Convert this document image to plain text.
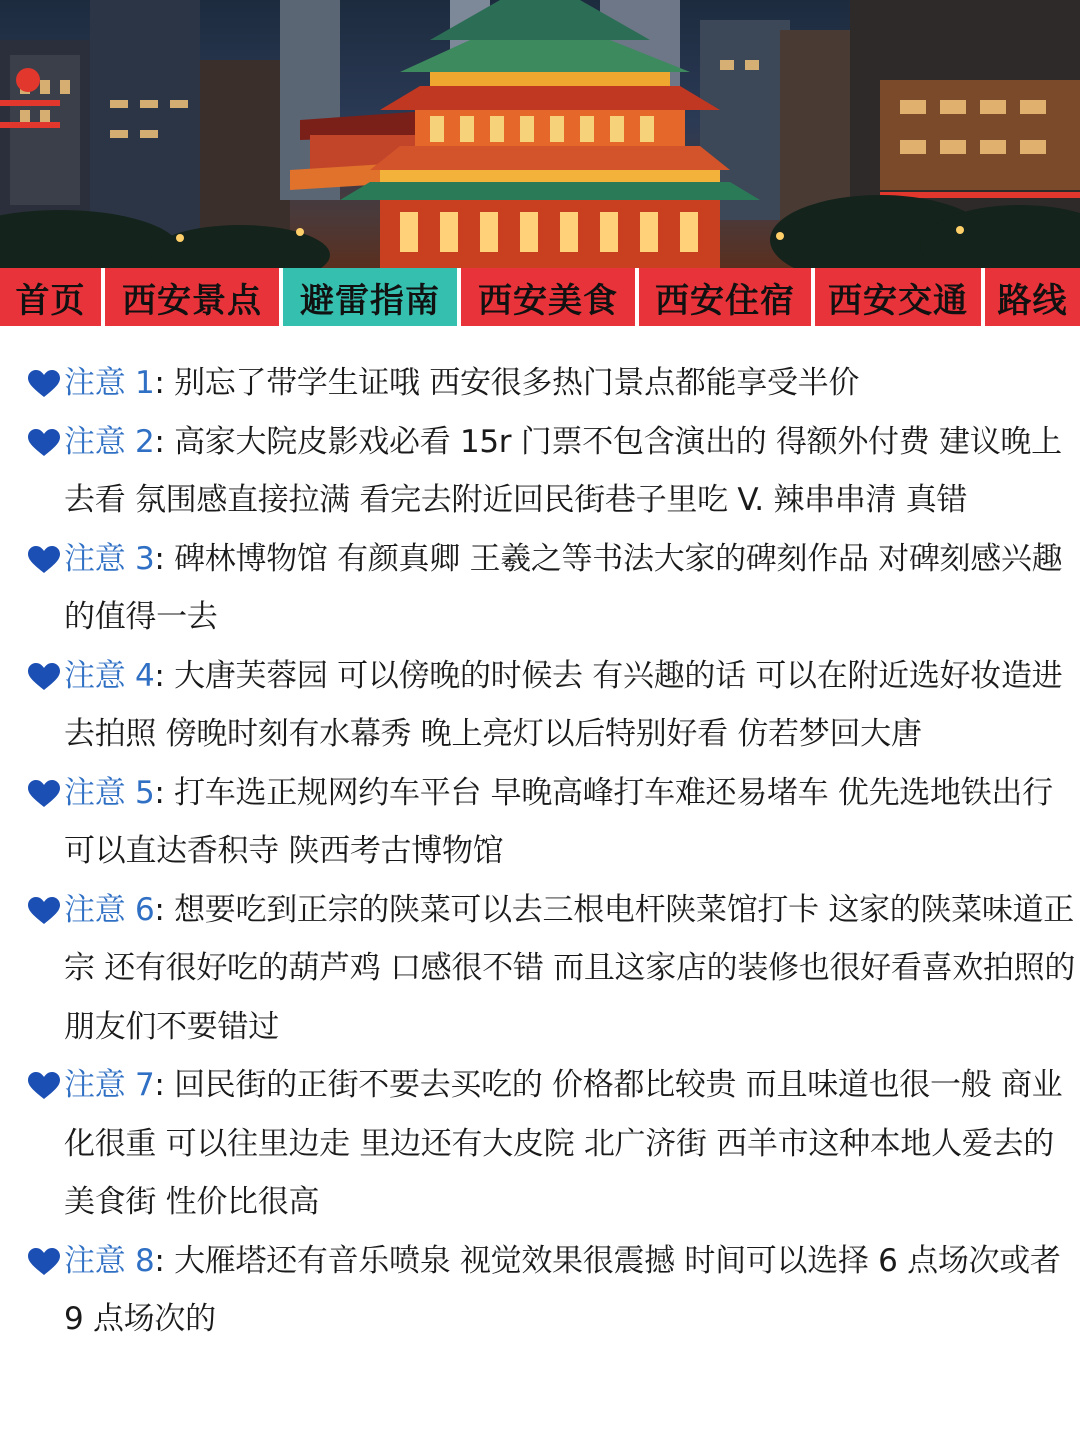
首页 西安景点 避雷指南 西安美食 西安住宿 西安交通 路线
注意 1: 别忘了带学生证哦 西安很多热门景点都能享受半价
注意 2: 高家大院皮影戏必看 15r 门票不包含演出的 得额外付费 建议晚上去看 氛围感直接拉满 看完去附近回民街巷子里吃 V. 辣串串清 真错
注意 3: 碑林博物馆 有颜真卿 王羲之等书法大家的碑刻作品 对碑刻感兴趣的值得一去
注意 4: 大唐芙蓉园 可以傍晚的时候去 有兴趣的话 可以在附近选好妆造进去拍照 傍晚时刻有水幕秀 晚上亮灯以后特别好看 仿若梦回大唐
注意 5: 打车选正规网约车平台 早晚高峰打车难还易堵车 优先选地铁出行 可以直达香积寺 陕西考古博物馆
注意 6: 想要吃到正宗的陕菜可以去三根电杆陕菜馆打卡 这家的陕菜味道正宗 还有很好吃的葫芦鸡 口感很不错 而且这家店的装修也很好看喜欢拍照的朋友们不要错过
注意 7: 回民街的正街不要去买吃的 价格都比较贵 而且味道也很一般 商业化很重 可以往里边走 里边还有大皮院 北广济街 西羊市这种本地人爱去的美食街 性价比很高
注意 8: 大雁塔还有音乐喷泉 视觉效果很震撼 时间可以选择 6 点场次或者 9 点场次的
